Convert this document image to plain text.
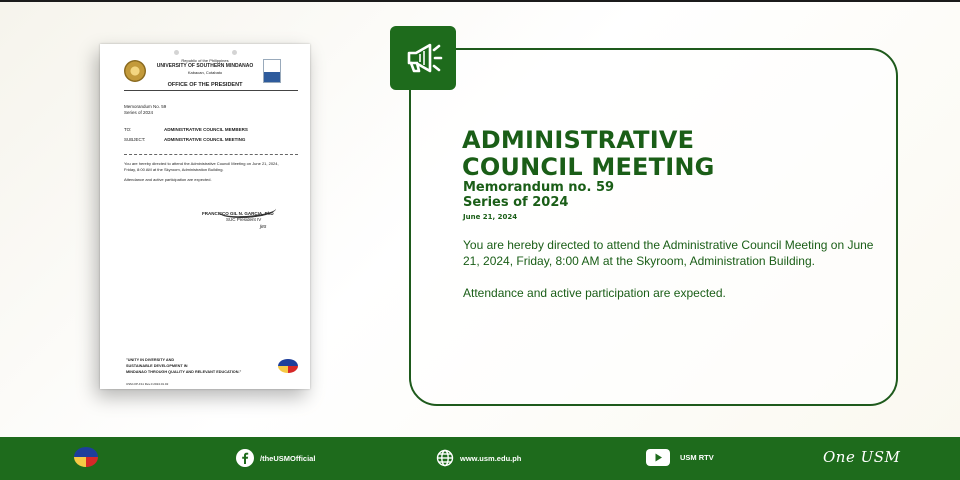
Republic of the Philippines
UNIVERSITY OF SOUTHERN MINDANAO
Kabacan, Cotabato
OFFICE OF THE PRESIDENT
Memorandum No. 59
Series of 2024
TO:	ADMINISTRATIVE COUNCIL MEMBERS
SUBJECT:	ADMINISTRATIVE COUNCIL MEETING
You are hereby directed to attend the Administrative Council Meeting on June 21, 2024,
Friday, 8:00 AM at the Skyroom, Administration Building.
Attendance and active participation are expected.
FRANCISCO GIL N. GARCIA, PhD
SUC President IV
jes
"UNITY IN DIVERSITY AND
SUSTAINABLE DEVELOPMENT IN
MINDANAO THROUGH QUALITY AND RELEVANT EDUCATION."
USM-OP-F11 Rev.0 2024.01.02
ADMINISTRATIVE
COUNCIL MEETING
Memorandum no. 59
Series of 2024
June 21, 2024

You are hereby directed to attend the Administrative Council Meeting on June 21, 2024, Friday, 8:00 AM at the Skyroom, Administration Building.

Attendance and active participation are expected.

/theUSMOfficial	www.usm.edu.ph	USM RTV	One USM
